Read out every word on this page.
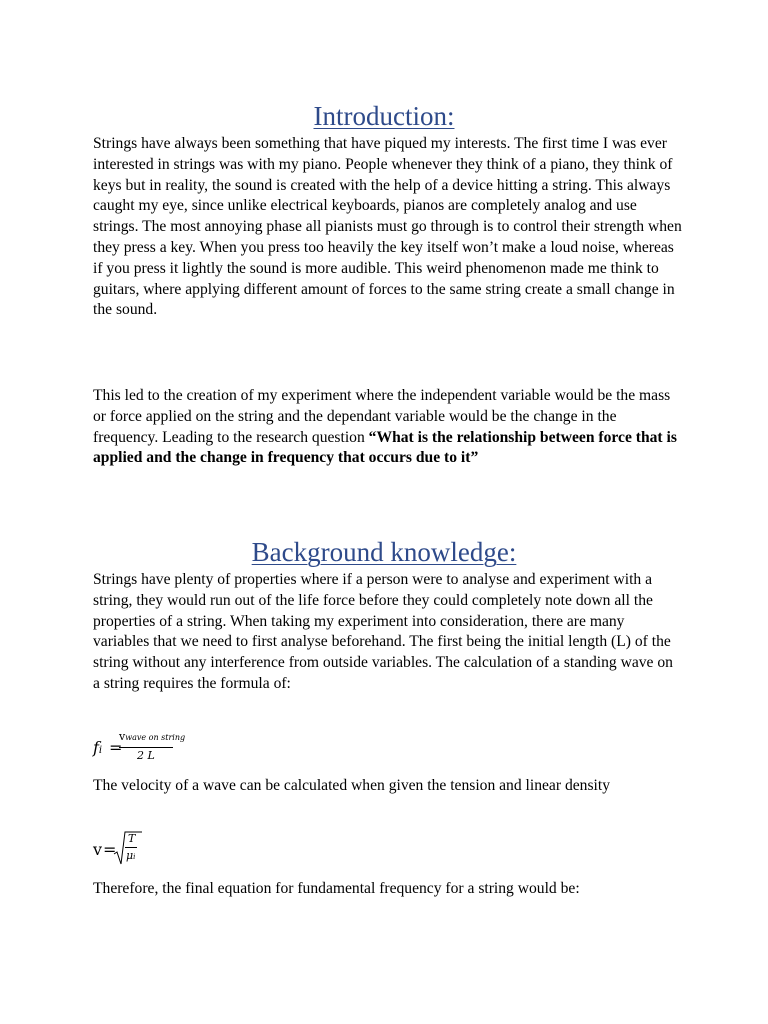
Introduction:

Strings have always been something that have piqued my interests. The first time I was ever interested in strings was with my piano. People whenever they think of a piano, they think of keys but in reality, the sound is created with the help of a device hitting a string. This always caught my eye, since unlike electrical keyboards, pianos are completely analog and use strings. The most annoying phase all pianists must go through is to control their strength when they press a key. When you press too heavily the key itself won’t make a loud noise, whereas if you press it lightly the sound is more audible. This weird phenomenon made me think to guitars, where applying different amount of forces to the same string create a small change in the sound.

This led to the creation of my experiment where the independent variable would be the mass or force applied on the string and the dependant variable would be the change in the frequency. Leading to the research question “What is the relationship between force that is applied and the change in frequency that occurs due to it”

Background knowledge:

Strings have plenty of properties where if a person were to analyse and experiment with a string, they would run out of the life force before they could completely note down all the properties of a string. When taking my experiment into consideration, there are many variables that we need to first analyse beforehand. The first being the initial length (L) of the string without any interference from outside variables. The calculation of a standing wave on a string requires the formula of:

fi =
vwave on string
2 L

The velocity of a wave can be calculated when given the tension and linear density

v =
T
μi

Therefore, the final equation for fundamental frequency for a string would be:
